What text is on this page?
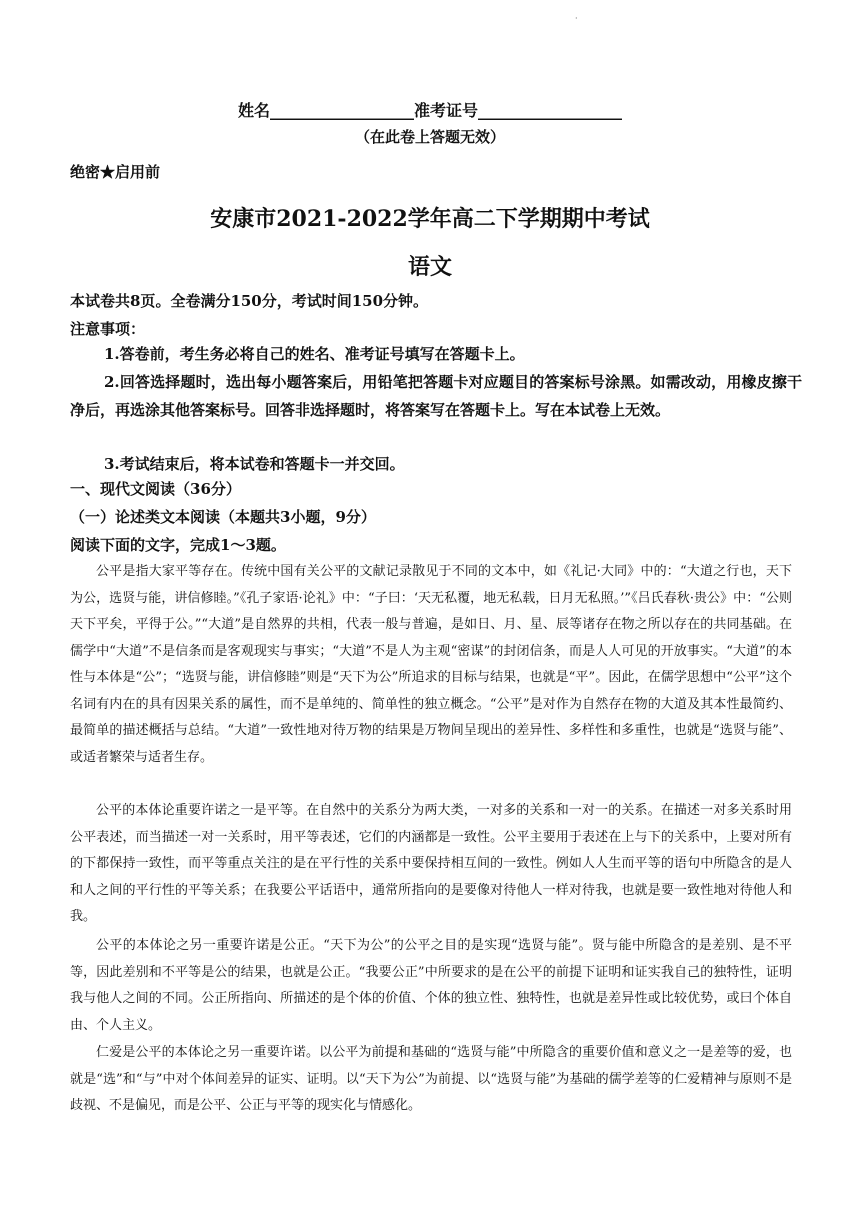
·
姓名__________________准考证号__________________
（在此卷上答题无效）
绝密★启用前
安康市2021-2022学年高二下学期期中考试
语文
本试卷共8页。全卷满分150分，考试时间150分钟。
注意事项：
1.答卷前，考生务必将自己的姓名、准考证号填写在答题卡上。
2.回答选择题时，选出每小题答案后，用铅笔把答题卡对应题目的答案标号涂黑。如需改动，用橡皮擦干净后，再选涂其他答案标号。回答非选择题时，将答案写在答题卡上。写在本试卷上无效。
3.考试结束后，将本试卷和答题卡一并交回。
一、现代文阅读（36分）
（一）论述类文本阅读（本题共3小题，9分）
阅读下面的文字，完成1～3题。
公平是指大家平等存在。传统中国有关公平的文献记录散见于不同的文本中，如《礼记·大同》中的：“大道之行也，天下为公，选贤与能，讲信修睦。”《孔子家语·论礼》中：“子曰：‘天无私覆，地无私载，日月无私照。’”《吕氏春秋·贵公》中：“公则天下平矣，平得于公。”“大道”是自然界的共相，代表一般与普遍，是如日、月、星、辰等诸存在物之所以存在的共同基础。在儒学中“大道”不是信条而是客观现实与事实；“大道”不是人为主观“密谋”的封闭信条，而是人人可见的开放事实。“大道”的本性与本体是“公”；“选贤与能，讲信修睦”则是“天下为公”所追求的目标与结果，也就是“平”。因此，在儒学思想中“公平”这个名词有内在的具有因果关系的属性，而不是单纯的、简单性的独立概念。“公平”是对作为自然存在物的大道及其本性最简约、最简单的描述概括与总结。“大道”一致性地对待万物的结果是万物间呈现出的差异性、多样性和多重性，也就是“选贤与能”、或适者繁荣与适者生存。
公平的本体论重要许诺之一是平等。在自然中的关系分为两大类，一对多的关系和一对一的关系。在描述一对多关系时用公平表述，而当描述一对一关系时，用平等表述，它们的内涵都是一致性。公平主要用于表述在上与下的关系中，上要对所有的下都保持一致性，而平等重点关注的是在平行性的关系中要保持相互间的一致性。例如人人生而平等的语句中所隐含的是人和人之间的平行性的平等关系；在我要公平话语中，通常所指向的是要像对待他人一样对待我，也就是要一致性地对待他人和我。
公平的本体论之另一重要许诺是公正。“天下为公”的公平之目的是实现“选贤与能”。贤与能中所隐含的是差别、是不平等，因此差别和不平等是公的结果，也就是公正。“我要公正”中所要求的是在公平的前提下证明和证实我自己的独特性，证明我与他人之间的不同。公正所指向、所描述的是个体的价值、个体的独立性、独特性，也就是差异性或比较优势，或曰个体自由、个人主义。
仁爱是公平的本体论之另一重要许诺。以公平为前提和基础的“选贤与能”中所隐含的重要价值和意义之一是差等的爱，也就是“选”和“与”中对个体间差异的证实、证明。以“天下为公”为前提、以“选贤与能”为基础的儒学差等的仁爱精神与原则不是歧视、不是偏见，而是公平、公正与平等的现实化与情感化。
